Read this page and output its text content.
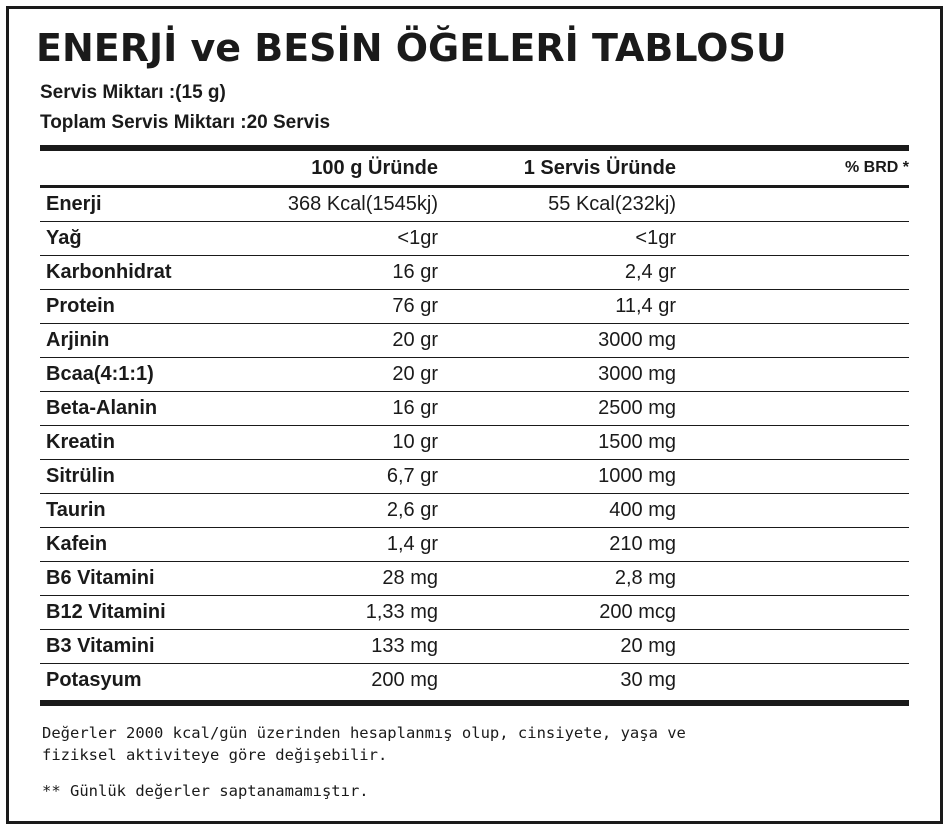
ENERJİ ve BESİN ÖĞELERİ TABLOSU
Servis Miktarı :(15 g)
Toplam Servis Miktarı :20 Servis
	100 g Üründe	1 Servis Üründe	% BRD *
Enerji	368 Kcal(1545kj)	55 Kcal(232kj)	
Yağ	<1gr	<1gr	
Karbonhidrat	16 gr	2,4 gr	
Protein	76 gr	11,4 gr	
Arjinin	20 gr	3000 mg	
Bcaa(4:1:1)	20 gr	3000 mg	
Beta-Alanin	16 gr	2500 mg	
Kreatin	10 gr	1500 mg	
Sitrülin	6,7 gr	1000 mg	
Taurin	2,6 gr	400 mg	
Kafein	1,4 gr	210 mg	
B6 Vitamini	28 mg	2,8 mg	
B12 Vitamini	1,33 mg	200 mcg	
B3 Vitamini	133 mg	20 mg	
Potasyum	200 mg	30 mg	
Değerler 2000 kcal/gün üzerinden hesaplanmış olup, cinsiyete, yaşa ve
fiziksel aktiviteye göre değişebilir.
** Günlük değerler saptanamamıştır.
